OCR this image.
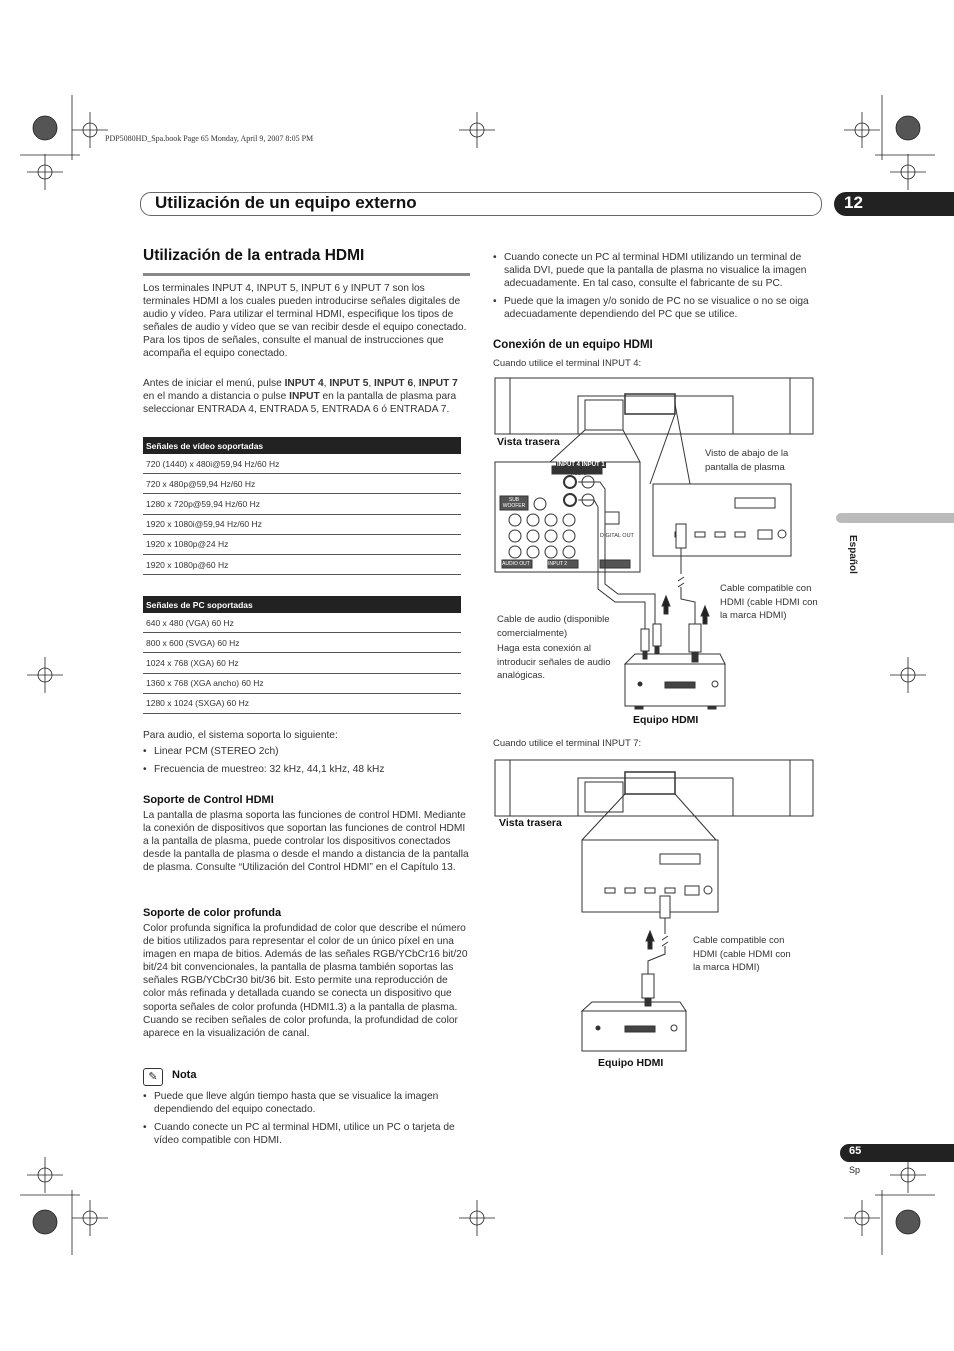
PDP5080HD_Spa.book Page 65 Monday, April 9, 2007 8:05 PM
Utilización de un equipo externo	12
Español
65
Sp
Utilización de la entrada HDMI

Los terminales INPUT 4, INPUT 5, INPUT 6 y INPUT 7 son los terminales HDMI a los cuales pueden introducirse señales digitales de audio y vídeo. Para utilizar el terminal HDMI, especifique los tipos de señales de audio y vídeo que se van recibir desde el equipo conectado. Para los tipos de señales, consulte el manual de instrucciones que acompaña el equipo conectado.

Antes de iniciar el menú, pulse INPUT 4, INPUT 5, INPUT 6, INPUT 7 en el mando a distancia o pulse INPUT en la pantalla de plasma para seleccionar ENTRADA 4, ENTRADA 5, ENTRADA 6 ó ENTRADA 7.

Señales de vídeo soportadas
720 (1440) x 480i@59,94 Hz/60 Hz
720 x 480p@59,94 Hz/60 Hz
1280 x 720p@59,94 Hz/60 Hz
1920 x 1080i@59,94 Hz/60 Hz
1920 x 1080p@24 Hz
1920 x 1080p@60 Hz
Señales de PC soportadas
640 x 480 (VGA) 60 Hz
800 x 600 (SVGA) 60 Hz
1024 x 768 (XGA) 60 Hz
1360 x 768 (XGA ancho) 60 Hz
1280 x 1024 (SXGA) 60 Hz

Para audio, el sistema soporta lo siguiente:

• Linear PCM (STEREO 2ch)
• Frecuencia de muestreo: 32 kHz, 44,1 kHz, 48 kHz
Soporte de Control HDMI

La pantalla de plasma soporta las funciones de control HDMI. Mediante la conexión de dispositivos que soportan las funciones de control HDMI a la pantalla de plasma, puede controlar los dispositivos conectados desde la pantalla de plasma o desde el mando a distancia de la pantalla de plasma. Consulte “Utilización del Control HDMI” en el Capítulo 13.

Soporte de color profunda

Color profunda significa la profundidad de color que describe el número de bitios utilizados para representar el color de un único píxel en una imagen en mapa de bitios. Además de las señales RGB/YCbCr16 bit/20 bit/24 bit convencionales, la pantalla de plasma también soportas las señales RGB/YCbCr30 bit/36 bit. Esto permite una reproducción de color más refinada y detallada cuando se conecta un dispositivo que soporta señales de color profunda (HDMI1.3) a la pantalla de plasma. Cuando se reciben señales de color profunda, la profundidad de color aparece en la visualización de canal.

✎	Nota
• Puede que lleve algún tiempo hasta que se visualice la imagen dependiendo del equipo conectado.
• Cuando conecte un PC al terminal HDMI, utilice un PC o tarjeta de vídeo compatible con HDMI.
• Cuando conecte un PC al terminal HDMI utilizando un terminal de salida DVI, puede que la pantalla de plasma no visualice la imagen adecuadamente. En tal caso, consulte el fabricante de su PC.
• Puede que la imagen y/o sonido de PC no se visualice o no se oiga adecuadamente dependiendo del PC que se utilice.
Conexión de un equipo HDMI
Cuando utilice el terminal INPUT 4:
Vista trasera
INPUT 4 INPUT 1
AUDIO
SUB WOOFER
DIGITAL OUT
AUDIO OUT	INPUT 2
Visto de abajo de la pantalla de plasma
Cable compatible con HDMI (cable HDMI con la marca HDMI)
Cable de audio (disponible comercialmente)
Haga esta conexión al introducir señales de audio analógicas.
Equipo HDMI
Cuando utilice el terminal INPUT 7:
Vista trasera
Cable compatible con HDMI (cable HDMI con la marca HDMI)
Equipo HDMI
